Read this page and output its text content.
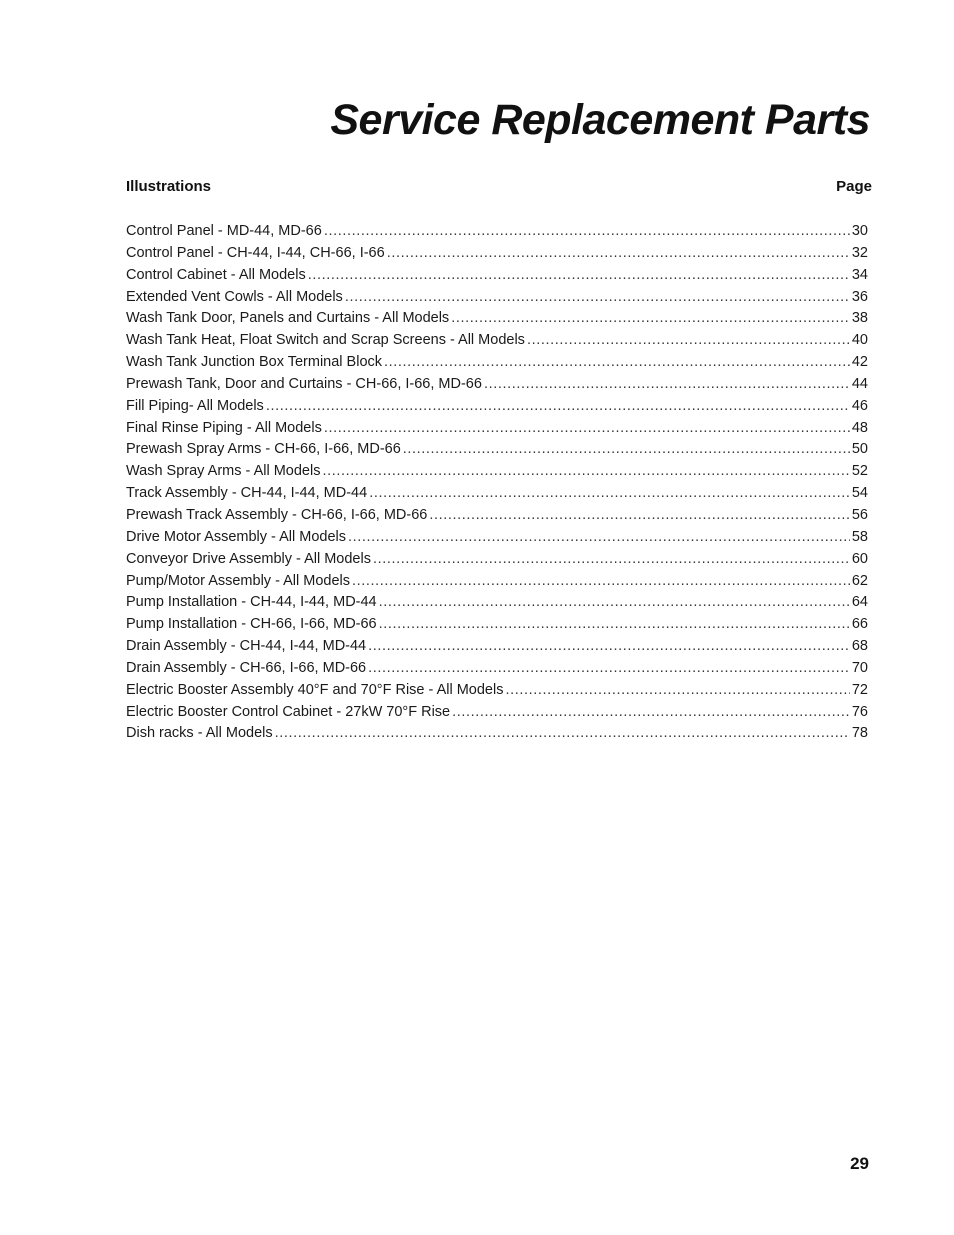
Service Replacement Parts
Illustrations	Page
Control Panel - MD-44, MD-66 .....	30
Control Panel - CH-44, I-44, CH-66, I-66 .....	32
Control Cabinet - All Models .....	34
Extended Vent Cowls - All Models .....	36
Wash Tank Door, Panels and Curtains - All Models .....	38
Wash Tank Heat, Float Switch and Scrap Screens - All Models .....	40
Wash Tank Junction Box Terminal Block .....	42
Prewash Tank, Door and Curtains - CH-66, I-66, MD-66 .....	44
Fill Piping- All Models .....	46
Final Rinse Piping - All Models .....	48
Prewash Spray Arms - CH-66, I-66, MD-66 .....	50
Wash Spray Arms - All Models .....	52
Track Assembly - CH-44, I-44, MD-44 .....	54
Prewash Track Assembly - CH-66, I-66, MD-66 .....	56
Drive Motor Assembly - All Models .....	58
Conveyor Drive Assembly - All Models .....	60
Pump/Motor Assembly - All Models .....	62
Pump Installation - CH-44, I-44, MD-44 .....	64
Pump Installation - CH-66, I-66, MD-66 .....	66
Drain Assembly - CH-44, I-44, MD-44 .....	68
Drain Assembly - CH-66, I-66, MD-66 .....	70
Electric Booster Assembly 40°F and 70°F Rise - All Models .....	72
Electric Booster Control Cabinet - 27kW 70°F Rise .....	76
Dish racks - All Models .....	78
29
